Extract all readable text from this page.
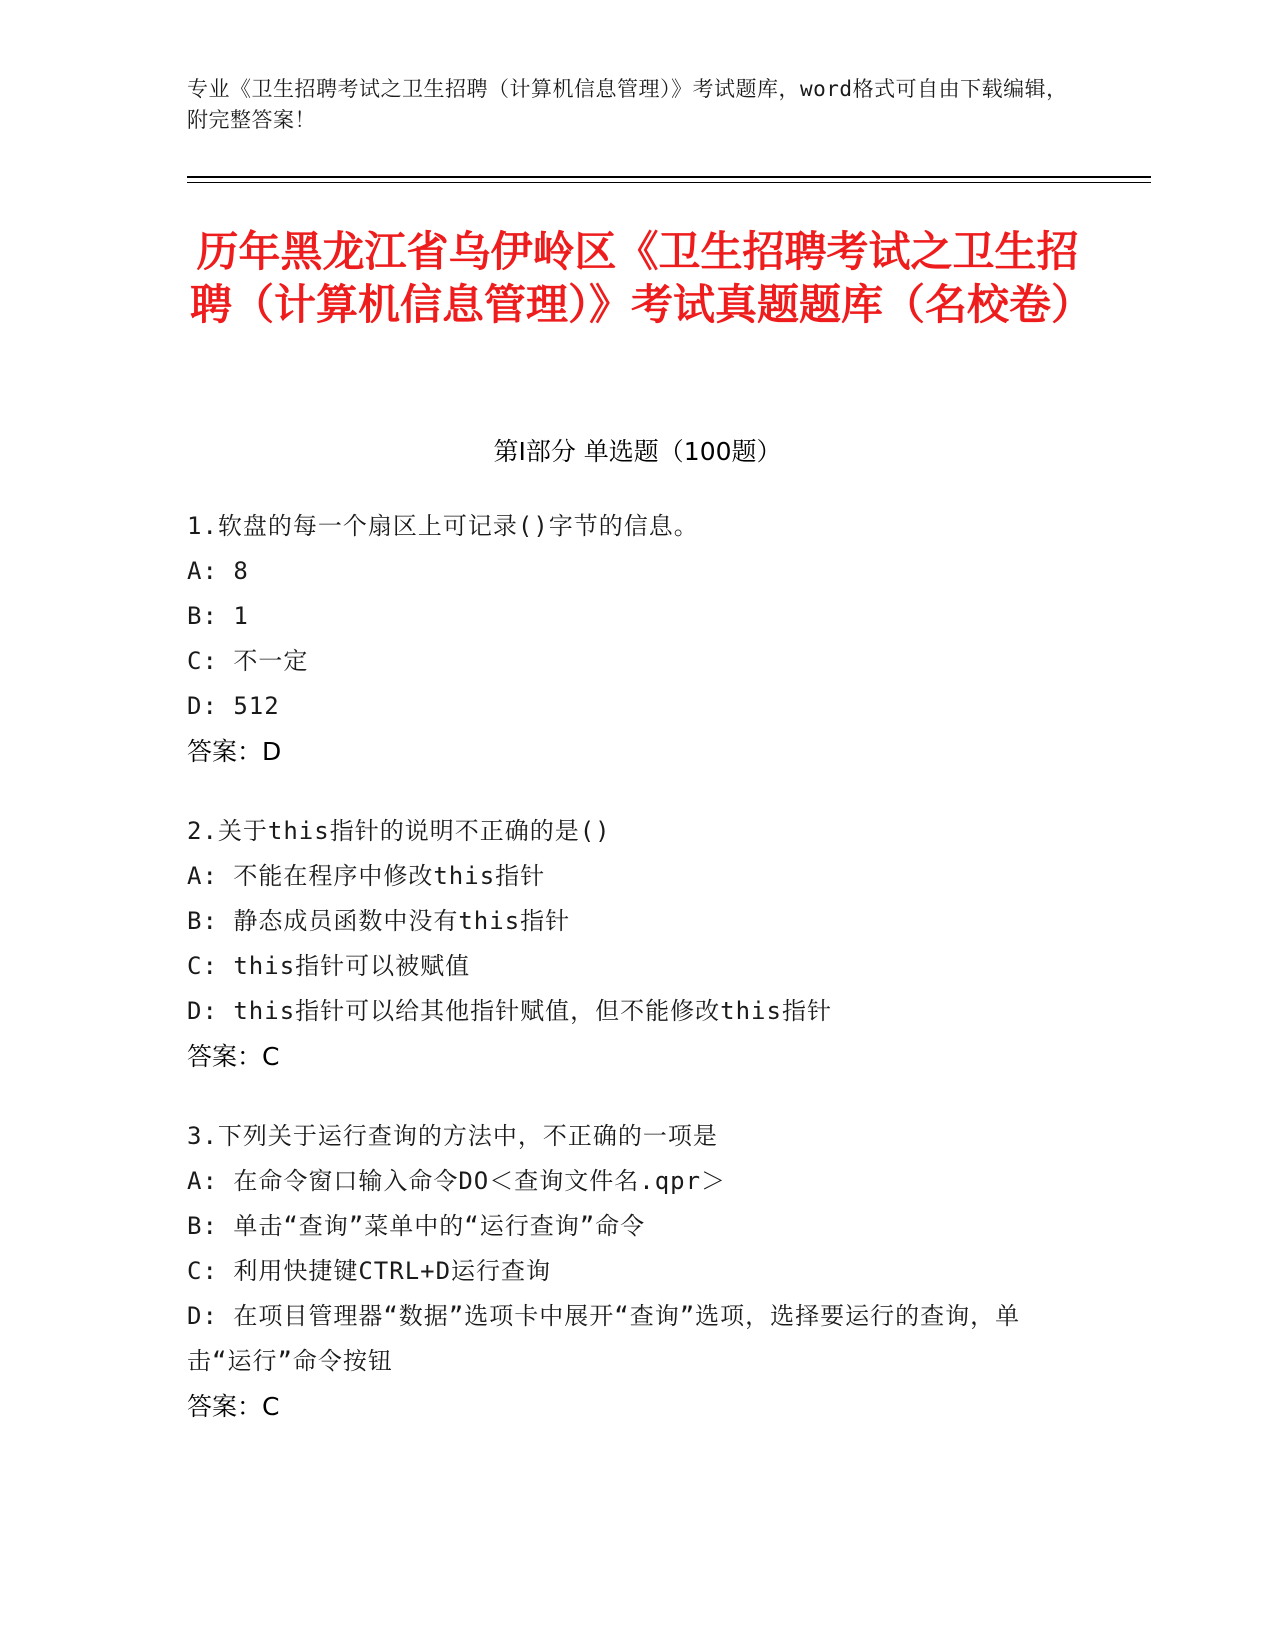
专业《卫生招聘考试之卫生招聘（计算机信息管理）》考试题库，word格式可自由下载编辑，附完整答案！
历年黑龙江省乌伊岭区《卫生招聘考试之卫生招聘（计算机信息管理）》考试真题题库（名校卷）
第Ⅰ部分 单选题（100题）
1.软盘的每一个扇区上可记录()字节的信息。
A: 8
B: 1
C: 不一定
D: 512
答案：D
2.关于this指针的说明不正确的是()
A: 不能在程序中修改this指针
B: 静态成员函数中没有this指针
C: this指针可以被赋值
D: this指针可以给其他指针赋值，但不能修改this指针
答案：C
3.下列关于运行查询的方法中，不正确的一项是
A: 在命令窗口输入命令DO＜查询文件名.qpr＞
B: 单击“查询”菜单中的“运行查询”命令
C: 利用快捷键CTRL+D运行查询
D: 在项目管理器“数据”选项卡中展开“查询”选项，选择要运行的查询，单击“运行”命令按钮
答案：C
